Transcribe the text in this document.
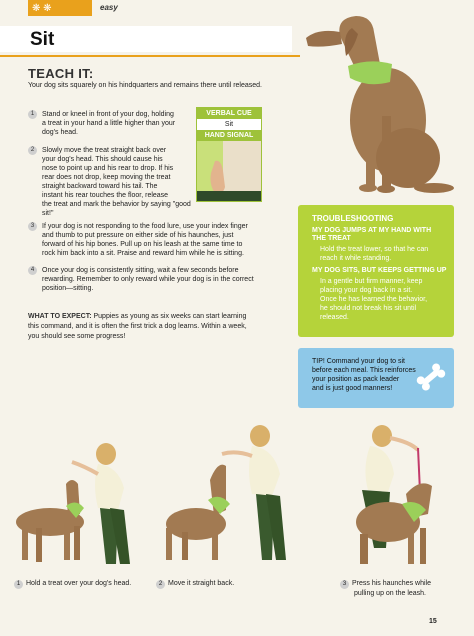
❋ ❋	easy
Sit
TEACH IT:
Your dog sits squarely on his hindquarters and remains there until released.
1	Stand or kneel in front of your dog, holding
a treat in your hand a little higher than your
dog's head.
2	Slowly move the treat straight back over
your dog's head. This should cause his
nose to point up and his rear to drop. If his
rear does not drop, keep moving the treat
straight backward toward his tail. The
instant his rear touches the floor, release
the treat and mark the behavior by saying "good sit!"
3	If your dog is not responding to the food lure, use your index finger
and thumb to put pressure on either side of his haunches, just
forward of his hip bones. Pull up on his leash at the same time to
rock him back into a sit. Praise and reward him while he is sitting.
4	Once your dog is consistently sitting, wait a few seconds before
rewarding. Remember to only reward while your dog is in the correct
position—sitting.
VERBAL CUE
Sit
HAND SIGNAL
WHAT TO EXPECT: Puppies as young as six weeks can start learning
this command, and it is often the first trick a dog learns. Within a week,
you should see some progress!
TROUBLESHOOTING
MY DOG JUMPS AT MY HAND WITH
THE TREAT
Hold the treat lower, so that he can
reach it while standing.
MY DOG SITS, BUT KEEPS GETTING UP
In a gentle but firm manner, keep
placing your dog back in a sit.
Once he has learned the behavior,
he should not break his sit until
released.
TIP! Command your dog to sit
before each meal. This reinforces
your position as pack leader
and is just good manners!
1 Hold a treat over your dog's head.	2 Move it straight back.	3 Press his haunches while
pulling up on the leash.
15
